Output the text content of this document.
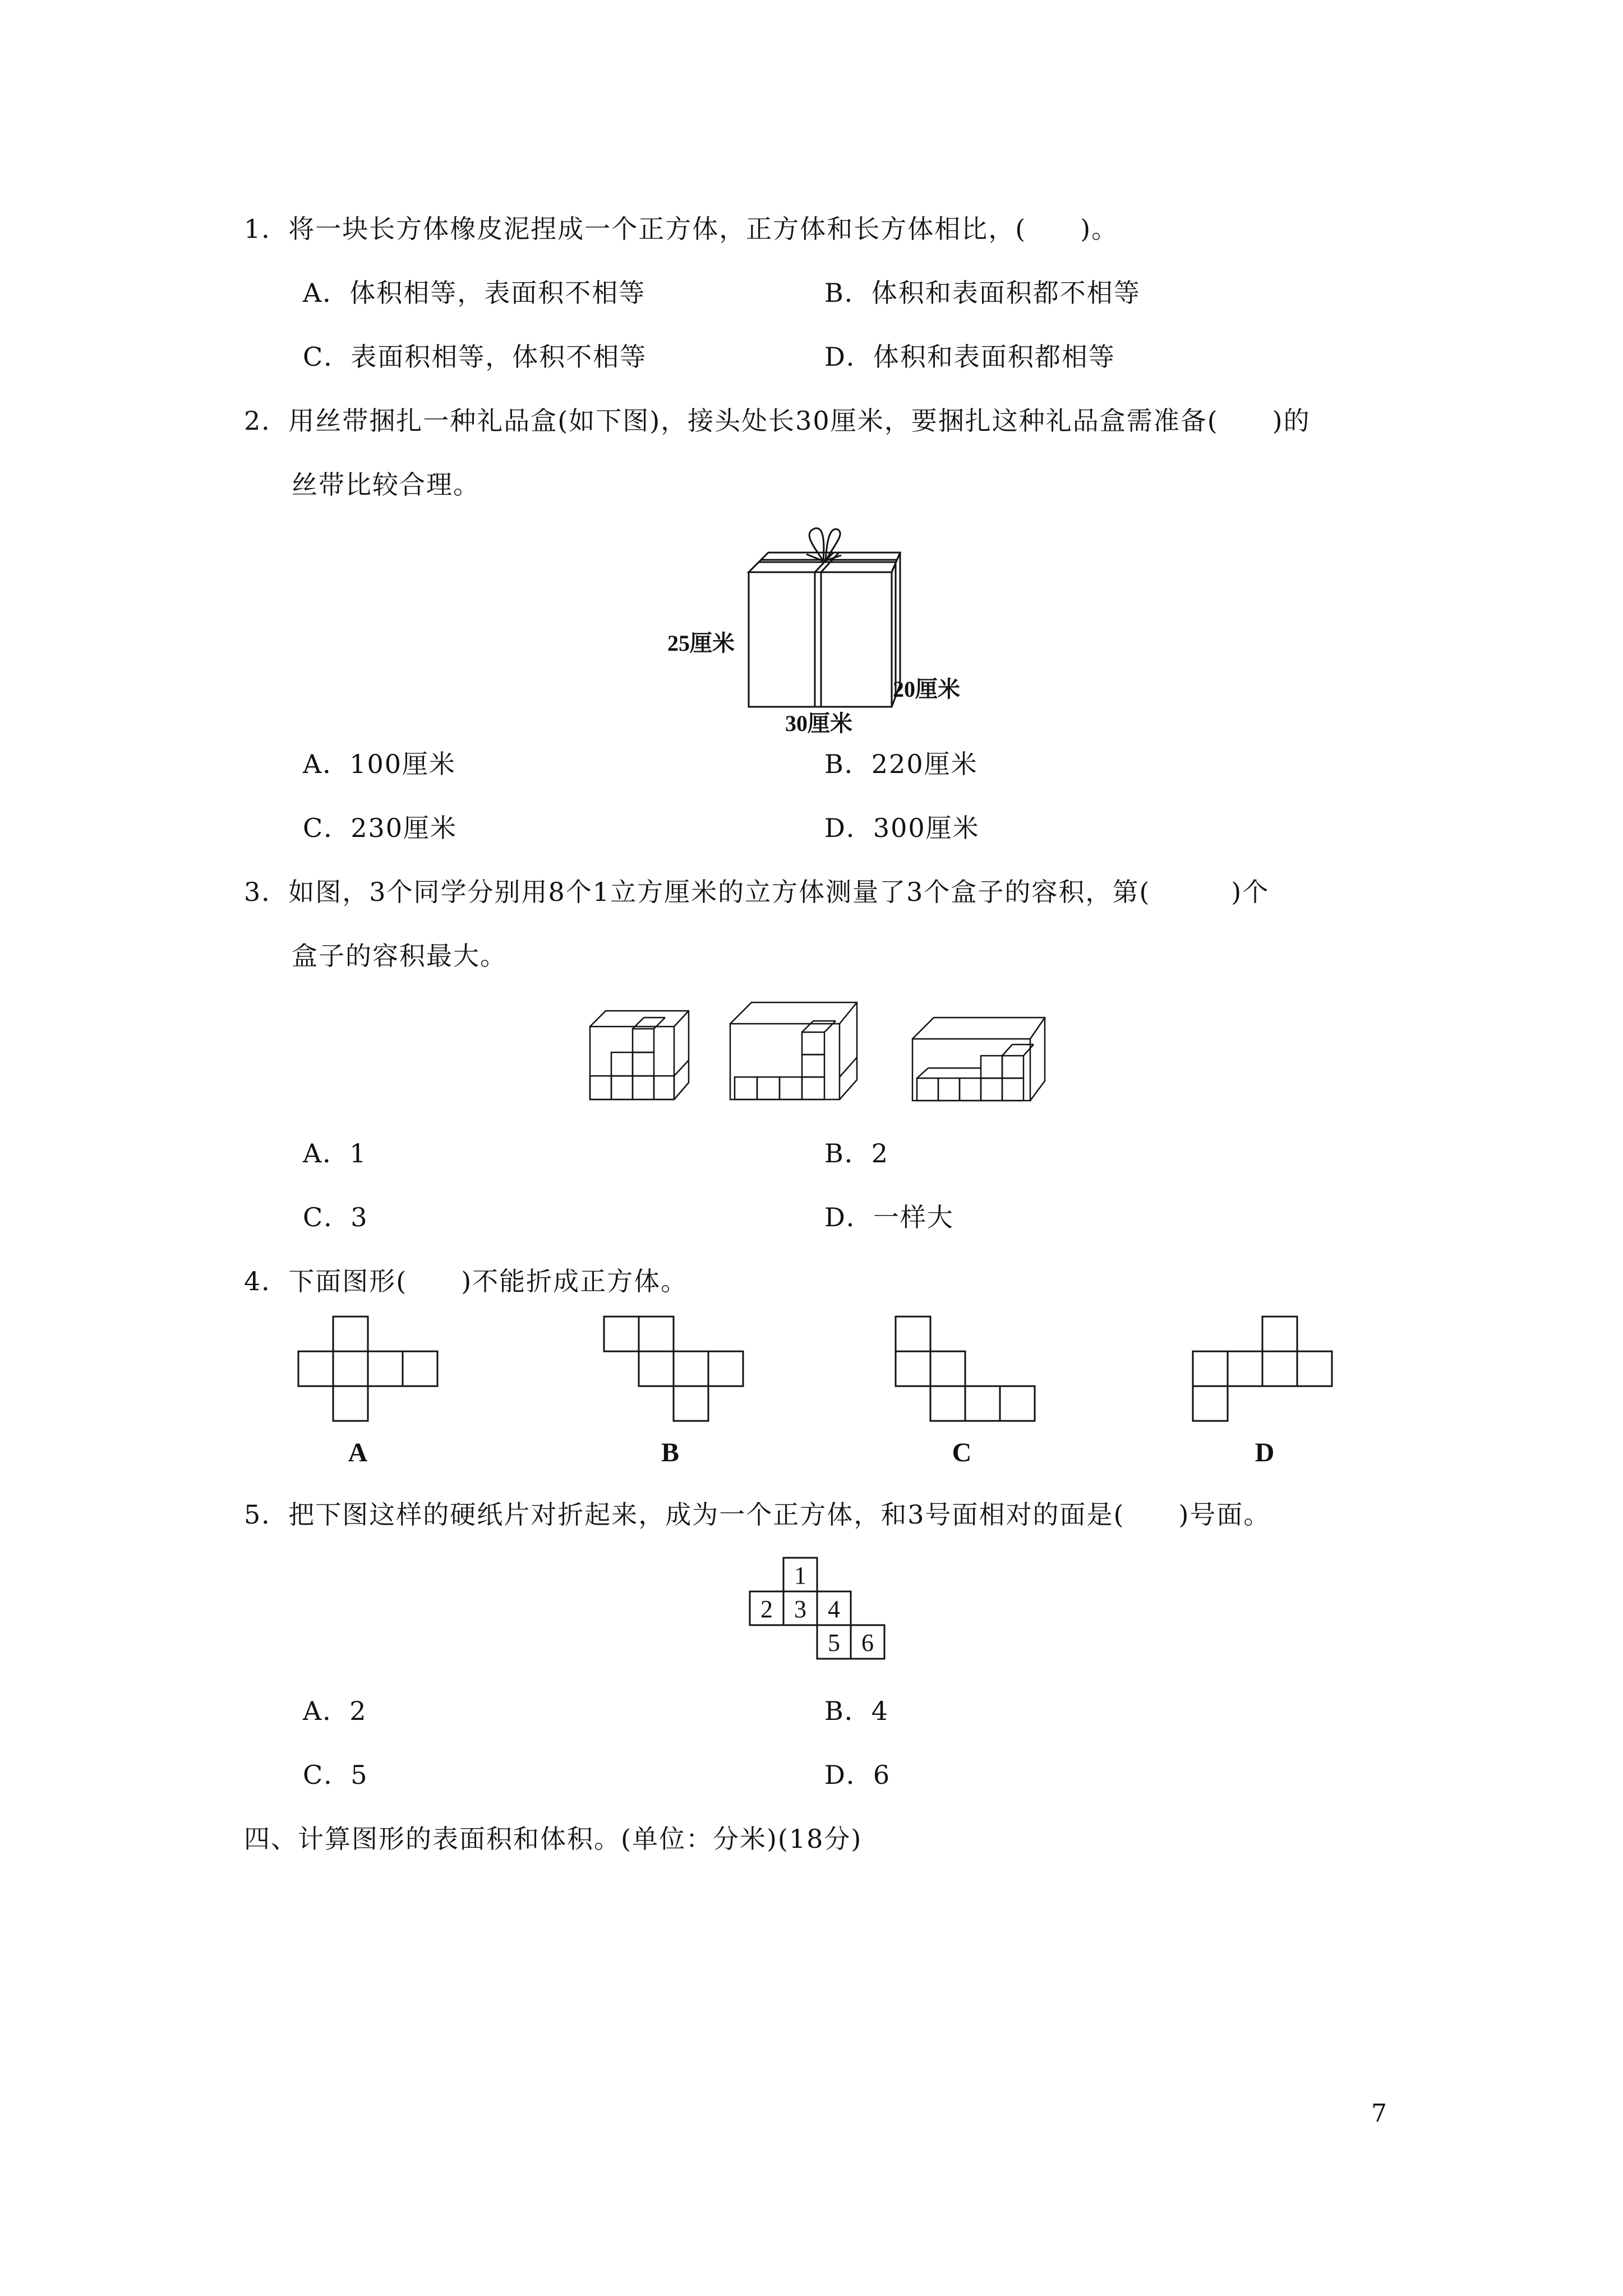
1．将一块长方体橡皮泥捏成一个正方体，正方体和长方体相比，(　　)。
A．体积相等，表面积不相等	B．体积和表面积都不相等
C．表面积相等，体积不相等	D．体积和表面积都相等
2．用丝带捆扎一种礼品盒(如下图)，接头处长30厘米，要捆扎这种礼品盒需准备(　　)的
丝带比较合理。
25厘米
30厘米
20厘米
A．100厘米	B．220厘米
C．230厘米	D．300厘米
3．如图，3个同学分别用8个1立方厘米的立方体测量了3个盒子的容积，第(　　　)个
盒子的容积最大。
A．1	B．2
C．3	D．一样大
4．下面图形(　　)不能折成正方体。
A	B	C	D
5．把下图这样的硬纸片对折起来，成为一个正方体，和3号面相对的面是(　　)号面。
1
2 3 4
5 6
A．2	B．4
C．5	D．6
四、计算图形的表面积和体积。(单位：分米)(18分)
7
